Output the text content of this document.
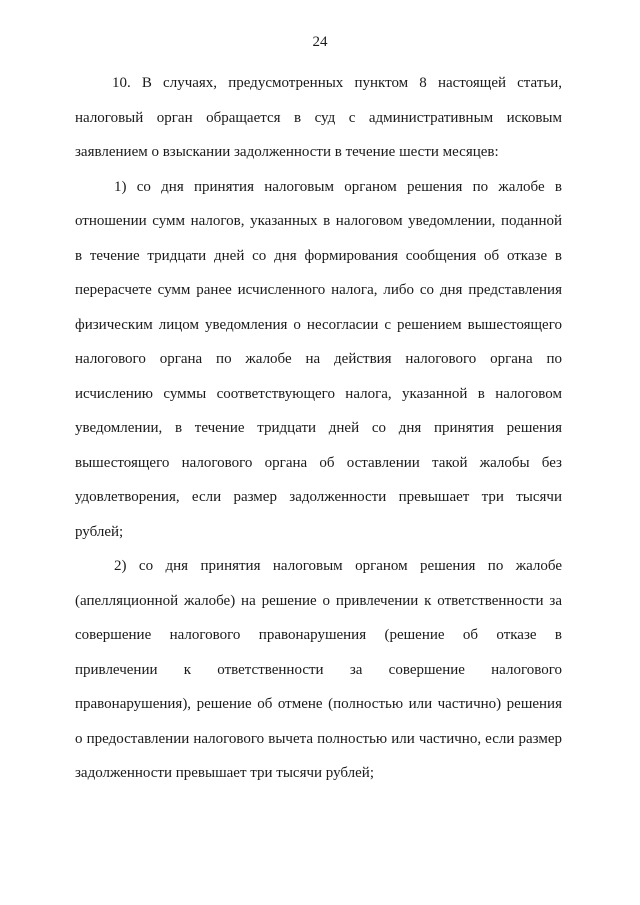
24
10. В случаях, предусмотренных пунктом 8 настоящей статьи,
налоговый орган обращается в суд с административным исковым
заявлением о взыскании задолженности в течение шести месяцев:
1) со дня принятия налоговым органом решения по жалобе в
отношении сумм налогов, указанных в налоговом уведомлении, поданной
в течение тридцати дней со дня формирования сообщения об отказе в
перерасчете сумм ранее исчисленного налога, либо со дня представления
физическим лицом уведомления о несогласии с решением вышестоящего
налогового органа по жалобе на действия налогового органа по
исчислению суммы соответствующего налога, указанной в налоговом
уведомлении, в течение тридцати дней со дня принятия решения
вышестоящего налогового органа об оставлении такой жалобы без
удовлетворения, если размер задолженности превышает три тысячи
рублей;
2) со дня принятия налоговым органом решения по жалобе
(апелляционной жалобе) на решение о привлечении к ответственности за
совершение налогового правонарушения (решение об отказе в
привлечении к ответственности за совершение налогового
правонарушения), решение об отмене (полностью или частично) решения
о предоставлении налогового вычета полностью или частично, если размер
задолженности превышает три тысячи рублей;
